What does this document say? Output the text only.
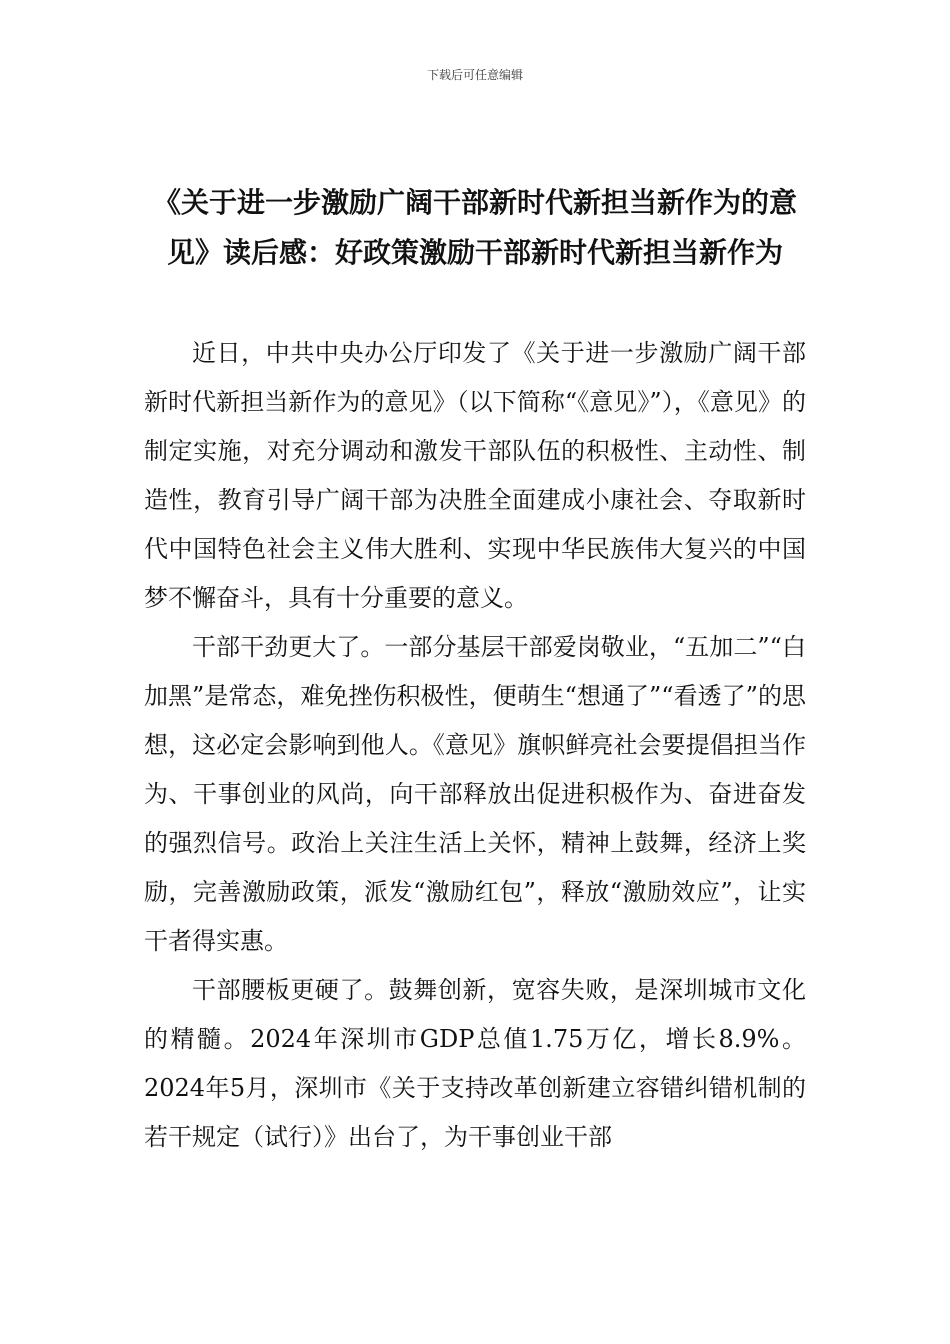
下载后可任意编辑
《关于进一步激励广阔干部新时代新担当新作为的意见》读后感：好政策激励干部新时代新担当新作为

近日，中共中央办公厅印发了《关于进一步激励广阔干部新时代新担当新作为的意见》（以下简称“《意见》”），《意见》的制定实施，对充分调动和激发干部队伍的积极性、主动性、制造性，教育引导广阔干部为决胜全面建成小康社会、夺取新时代中国特色社会主义伟大胜利、实现中华民族伟大复兴的中国梦不懈奋斗，具有十分重要的意义。

干部干劲更大了。一部分基层干部爱岗敬业，“五加二”“白加黑”是常态，难免挫伤积极性，便萌生“想通了”“看透了”的思想，这必定会影响到他人。《意见》旗帜鲜亮社会要提倡担当作为、干事创业的风尚，向干部释放出促进积极作为、奋进奋发的强烈信号。政治上关注生活上关怀，精神上鼓舞，经济上奖励，完善激励政策，派发“激励红包”，释放“激励效应”，让实干者得实惠。

干部腰板更硬了。鼓舞创新，宽容失败，是深圳城市文化的精髓。2024年深圳市GDP总值1.75万亿，增长8.9%。2024年5月，深圳市《关于支持改革创新建立容错纠错机制的若干规定（试行）》出台了，为干事创业干部
